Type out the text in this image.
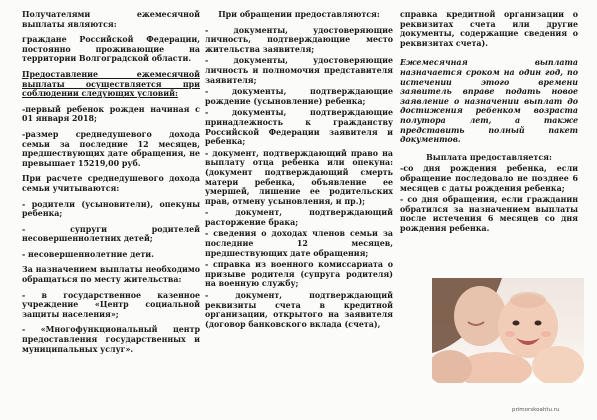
Получателями ежемесячной выплаты являются:

граждане Российской Федерации, постоянно проживающие на территории Волгоградской области.

Предоставление ежемесячной выплаты осуществляется при соблюдении следующих условий:

-первый ребенок рожден начиная с 01 января 2018;

-размер среднедушевого дохода семьи за последние 12 месяцев, предшествующих дате обращения, не превышает 15219,00 руб.

При расчете среднедушевого дохода семьи учитываются:

- родители (усыновители), опекуны ребенка;

- супруги родителей несовершеннолетних детей;

- несовершеннолетние дети.

За назначением выплаты необходимо обращаться по месту жительства:

- в государственное казенное учреждение «Центр социальной защиты населения»;

- «Многофункциональный центр предоставления государственных и муниципальных услуг».

При обращении предоставляются:

- документы, удостоверяющие личность, подтверждающие место жительства заявителя;

- документы, удостоверяющие личность и полномочия представителя заявителя;

- документы, подтверждающие рождение (усыновление) ребенка;

- документы, подтверждающие принадлежность к гражданству Российской Федерации заявителя и ребенка;

- документ, подтверждающий право на выплату отца ребенка или опекуна: (документ подтверждающий смерть матери ребенка, объявление ее умершей, лишение ее родительских прав, отмену усыновления, и пр.);

- документ, подтверждающий расторжение брака;

- сведения о доходах членов семьи за последние 12 месяцев, предшествующих дате обращения;

- справка из военного комиссариата о призыве родителя (супруга родителя) на военную службу;

- документ, подтверждающий реквизиты счета в кредитной организации, открытого на заявителя (договор банковского вклада (счета),

справка кредитной организации о реквизитах счета или другие документы, содержащие сведения о реквизитах счета).

Ежемесячная выплата назначается сроком на один год, по истечении этого времени заявитель вправе подать новое заявление о назначении выплат до достижения ребенком возраста полутора лет, а также представить полный пакет документов.

Выплата предоставляется:

-со дня рождения ребенка, если обращение последовало не позднее 6 месяцев с даты рождения ребенка;

- со дня обращения, если гражданин обратился за назначением выплаты после истечения 6 месяцев со дня рождения ребенка.

primorskoahtu.ru
